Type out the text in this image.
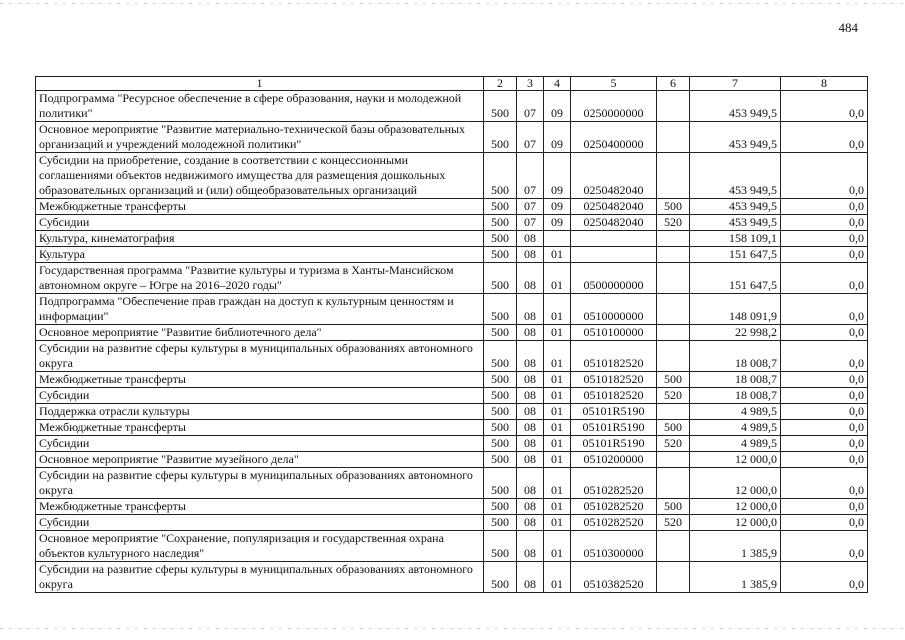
484
1	2	3	4	5	6	7	8
Подпрограмма "Ресурсное обеспечение в сфере образования, науки и молодежной политики"	500	07	09	0250000000		453 949,5	0,0
Основное мероприятие "Развитие материально-технической базы образовательных организаций и учреждений молодежной политики"	500	07	09	0250400000		453 949,5	0,0
Субсидии на приобретение, создание в соответствии с концессионными соглашениями объектов недвижимого имущества для размещения дошкольных образовательных организаций и (или) общеобразовательных организаций	500	07	09	0250482040		453 949,5	0,0
Межбюджетные трансферты	500	07	09	0250482040	500	453 949,5	0,0
Субсидии	500	07	09	0250482040	520	453 949,5	0,0
Культура, кинематография	500	08				158 109,1	0,0
Культура	500	08	01			151 647,5	0,0
Государственная программа "Развитие культуры и туризма в Ханты-Мансийском автономном округе – Югре на 2016–2020 годы"	500	08	01	0500000000		151 647,5	0,0
Подпрограмма "Обеспечение прав граждан на доступ к культурным ценностям и информации"	500	08	01	0510000000		148 091,9	0,0
Основное мероприятие "Развитие библиотечного дела"	500	08	01	0510100000		22 998,2	0,0
Субсидии на развитие сферы культуры в муниципальных образованиях автономного округа	500	08	01	0510182520		18 008,7	0,0
Межбюджетные трансферты	500	08	01	0510182520	500	18 008,7	0,0
Субсидии	500	08	01	0510182520	520	18 008,7	0,0
Поддержка отрасли культуры	500	08	01	05101R5190		4 989,5	0,0
Межбюджетные трансферты	500	08	01	05101R5190	500	4 989,5	0,0
Субсидии	500	08	01	05101R5190	520	4 989,5	0,0
Основное мероприятие "Развитие музейного дела"	500	08	01	0510200000		12 000,0	0,0
Субсидии на развитие сферы культуры в муниципальных образованиях автономного округа	500	08	01	0510282520		12 000,0	0,0
Межбюджетные трансферты	500	08	01	0510282520	500	12 000,0	0,0
Субсидии	500	08	01	0510282520	520	12 000,0	0,0
Основное мероприятие "Сохранение, популяризация и государственная охрана объектов культурного наследия"	500	08	01	0510300000		1 385,9	0,0
Субсидии на развитие сферы культуры в муниципальных образованиях автономного округа	500	08	01	0510382520		1 385,9	0,0
